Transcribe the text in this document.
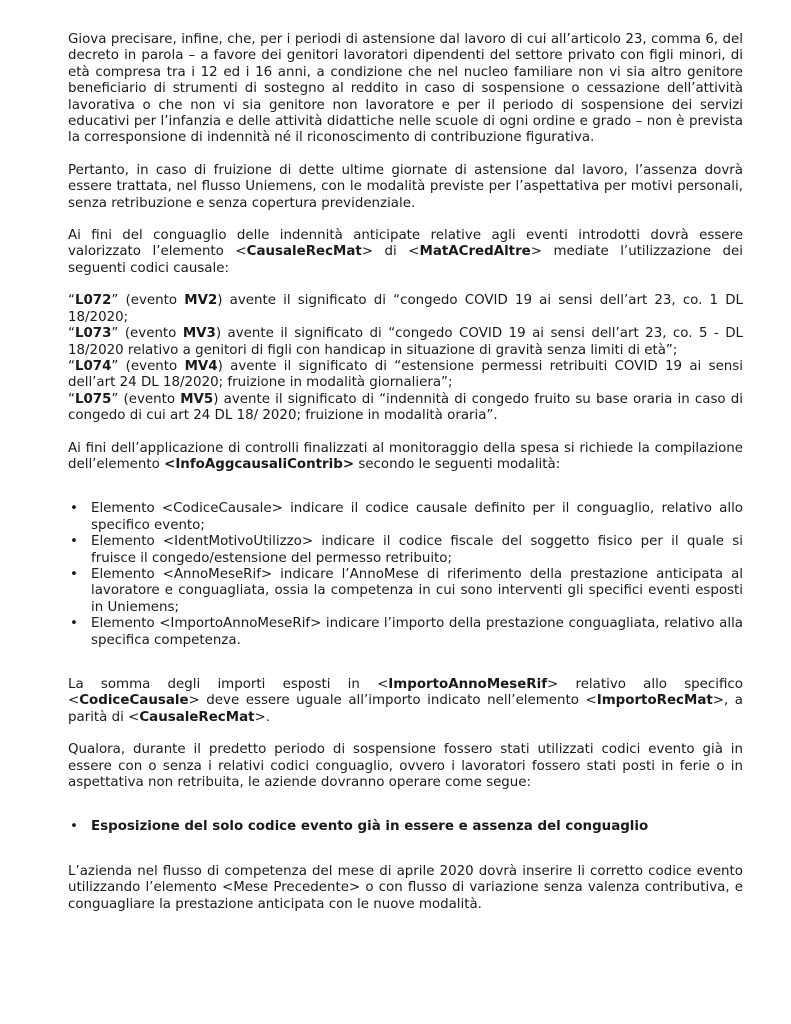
Giova precisare, infine, che, per i periodi di astensione dal lavoro di cui all’articolo 23, comma 6, del decreto in parola – a favore dei genitori lavoratori dipendenti del settore privato con figli minori, di età compresa tra i 12 ed i 16 anni, a condizione che nel nucleo familiare non vi sia altro genitore beneficiario di strumenti di sostegno al reddito in caso di sospensione o cessazione dell’attività lavorativa o che non vi sia genitore non lavoratore e per il periodo di sospensione dei servizi educativi per l’infanzia e delle attività didattiche nelle scuole di ogni ordine e grado – non è prevista la corresponsione di indennità né il riconoscimento di contribuzione figurativa.

Pertanto, in caso di fruizione di dette ultime giornate di astensione dal lavoro, l’assenza dovrà essere trattata, nel flusso Uniemens, con le modalità previste per l’aspettativa per motivi personali, senza retribuzione e senza copertura previdenziale.

Ai fini del conguaglio delle indennità anticipate relative agli eventi introdotti dovrà essere valorizzato l’elemento <CausaleRecMat> di <MatACredAltre> mediate l’utilizzazione dei seguenti codici causale:

“L072” (evento MV2) avente il significato di “congedo COVID 19 ai sensi dell’art 23, co. 1 DL 18/2020;

“L073” (evento MV3) avente il significato di “congedo COVID 19 ai sensi dell’art 23, co. 5 - DL 18/2020 relativo a genitori di figli con handicap in situazione di gravità senza limiti di età”;

“L074” (evento MV4) avente il significato di “estensione permessi retribuiti COVID 19 ai sensi dell’art 24 DL 18/2020; fruizione in modalità giornaliera”;

“L075” (evento MV5) avente il significato di “indennità di congedo fruito su base oraria in caso di congedo di cui art 24 DL 18/ 2020; fruizione in modalità oraria”.

Ai fini dell’applicazione di controlli finalizzati al monitoraggio della spesa si richiede la compilazione dell’elemento <InfoAggcausaliContrib> secondo le seguenti modalità:

• Elemento <CodiceCausale> indicare il codice causale definito per il conguaglio, relativo allo specifico evento;
• Elemento <IdentMotivoUtilizzo> indicare il codice fiscale del soggetto fisico per il quale si fruisce il congedo/estensione del permesso retribuito;
• Elemento <AnnoMeseRif> indicare l’AnnoMese di riferimento della prestazione anticipata al lavoratore e conguagliata, ossia la competenza in cui sono interventi gli specifici eventi esposti in Uniemens;
• Elemento <ImportoAnnoMeseRif> indicare l’importo della prestazione conguagliata, relativo alla specifica competenza.

La somma degli importi esposti in <ImportoAnnoMeseRif> relativo allo specifico <CodiceCausale> deve essere uguale all’importo indicato nell’elemento <ImportoRecMat>, a parità di <CausaleRecMat>.

Qualora, durante il predetto periodo di sospensione fossero stati utilizzati codici evento già in essere con o senza i relativi codici conguaglio, ovvero i lavoratori fossero stati posti in ferie o in aspettativa non retribuita, le aziende dovranno operare come segue:

• Esposizione del solo codice evento già in essere e assenza del conguaglio

L’azienda nel flusso di competenza del mese di aprile 2020 dovrà inserire li corretto codice evento utilizzando l’elemento <Mese Precedente> o con flusso di variazione senza valenza contributiva, e conguagliare la prestazione anticipata con le nuove modalità.
